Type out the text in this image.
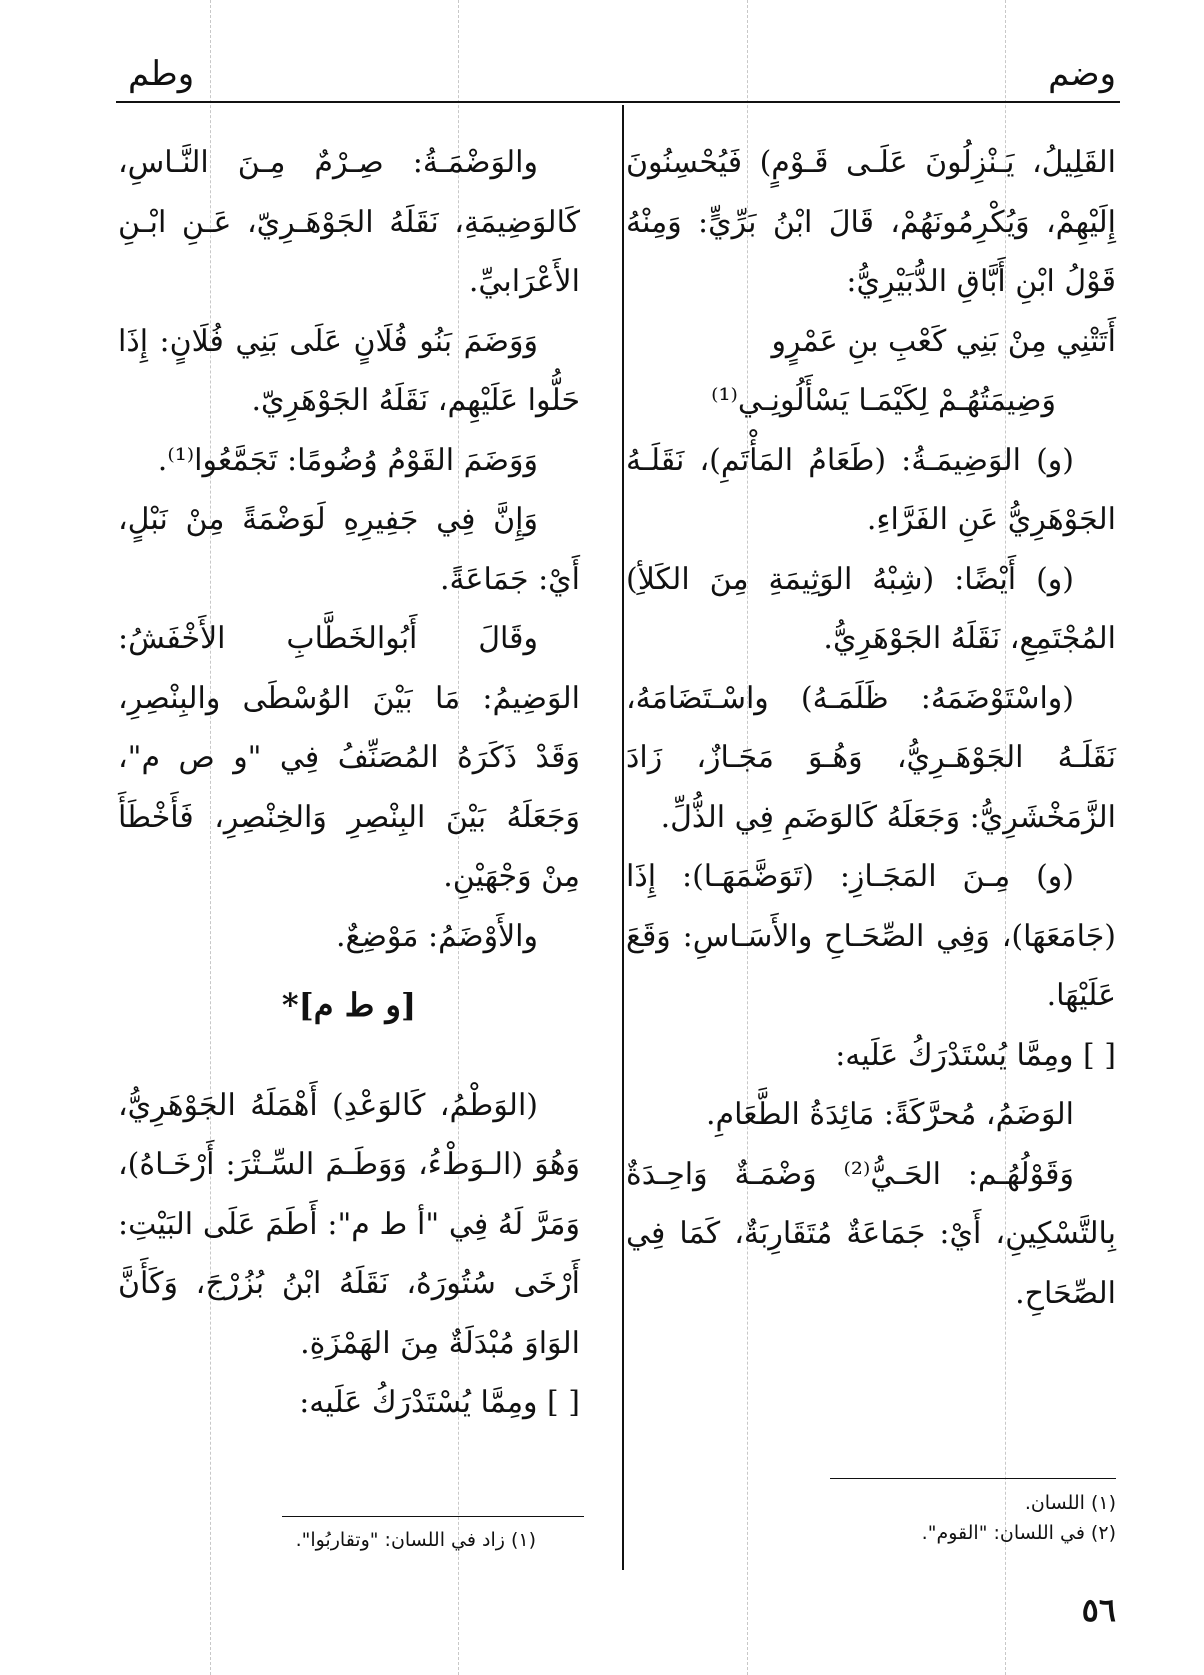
وضم
وطم

القَلِيلُ، يَـنْزِلُونَ عَلَـى قَـوْمٍ) فَيُحْسِنُونَ

إِلَيْهِمْ، وَيُكْرِمُونَهُمْ، قَالَ ابْنُ بَرِّيٍّ: وَمِنْهُ

قَوْلُ ابْنِ أَبَّاقِ الدُّبَيْرِيُّ:

أَتَتْنِي مِنْ بَنِي كَعْبِ بنِ عَمْرٍو

وَضِيمَتُهُـمْ لِكَيْمَـا يَسْأَلُونِـي⁽¹⁾

(و) الوَضِيمَـةُ: (طَعَامُ المَأْتَمِ)، نَقَلَـهُ الجَوْهَرِيُّ عَنِ الفَرَّاءِ.

(و) أَيْضًا: (شِبْهُ الوَثِيمَةِ مِنَ الكَلأِ) المُجْتَمِعِ، نَقَلَهُ الجَوْهَرِيُّ.

(واسْتَوْضَمَهُ: ظَلَمَـهُ) واسْـتَضَامَهُ، نَقَلَـهُ الجَوْهَـرِيُّ، وَهُـوَ مَجَـازٌ، زَادَ الزَّمَخْشَرِيُّ: وَجَعَلَهُ كَالوَضَمِ فِي الذُّلِّ.

(و) مِـنَ المَجَـازِ: (تَوَضَّمَهَـا): إِذَا (جَامَعَهَا)، وَفِي الصِّحَـاحِ والأَسَـاسِ: وَقَعَ عَلَيْهَا.

[ ] ومِمَّا يُسْتَدْرَكُ عَلَيه:

الوَضَمُ، مُحرَّكَةً: مَائِدَةُ الطَّعَامِ.

وَقَوْلُهُـم: الحَـيُّ⁽²⁾ وَضْمَـةٌ وَاحِـدَةٌ بِالتَّسْكِينِ، أَيْ: جَمَاعَةٌ مُتَقَارِبَةٌ، كَمَا فِي الصِّحَاحِ.

والوَضْمَـةُ: صِـرْمٌ مِـنَ النَّـاسِ، كَالوَضِيمَةِ، نَقَلَهُ الجَوْهَـرِيّ، عَـنِ ابْـنِ الأَعْرَابيِّ.

وَوَضَمَ بَنُو فُلَانٍ عَلَى بَنِي فُلَانٍ: إِذَا حَلُّوا عَلَيْهِم، نَقَلَهُ الجَوْهَرِيّ.

وَوَضَمَ القَوْمُ وُضُومًا: تَجَمَّعُوا⁽¹⁾.

وَإِنَّ فِي جَفِيرِهِ لَوَضْمَةً مِنْ نَبْلٍ، أَيْ: جَمَاعَةً.

وقَالَ أَبُوالخَطَّابِ الأَخْفَشُ: الوَضِيمُ: مَا بَيْنَ الوُسْطَى والبِنْصِرِ، وَقَدْ ذَكَرَهُ المُصَنِّفُ فِي "و ص م"، وَجَعَلَهُ بَيْنَ البِنْصِرِ وَالخِنْصِرِ، فَأَخْطَأَ مِنْ وَجْهَيْنِ.

والأَوْضَمُ: مَوْضِعٌ.

[و ط م]*

(الوَطْمُ، كَالوَعْدِ) أَهْمَلَهُ الجَوْهَرِيُّ، وَهُوَ (الـوَطْءُ، وَوَطَـمَ السِّـتْرَ: أَرْخَـاهُ)، وَمَرَّ لَهُ فِي "أ ط م": أَطَمَ عَلَى البَيْتِ: أَرْخَى سُتُورَهُ، نَقَلَهُ ابْنُ بُزُرْجَ، وَكَأَنَّ الوَاوَ مُبْدَلَةٌ مِنَ الهَمْزَةِ.

[ ] ومِمَّا يُسْتَدْرَكُ عَلَيه:

(١) اللسان.
(٢) في اللسان: "القوم".
(١) زاد في اللسان: "وتقاربُوا".
٥٦
